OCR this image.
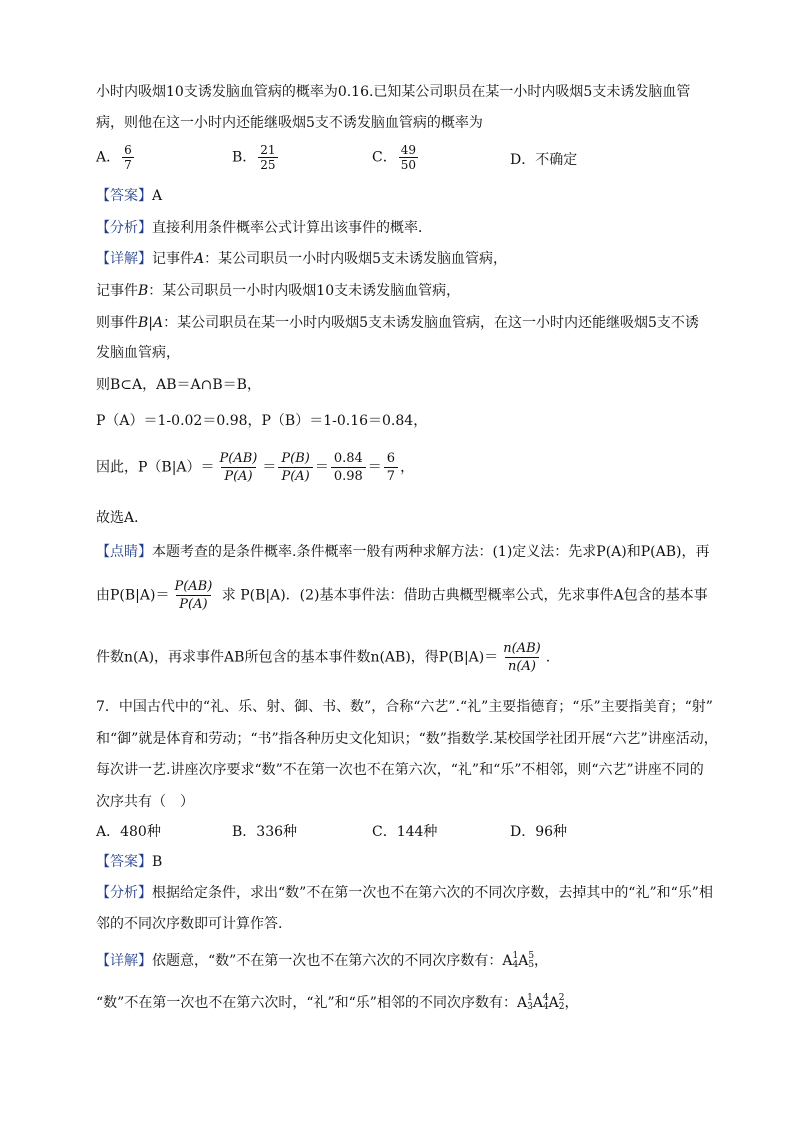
小时内吸烟10支诱发脑血管病的概率为0.16.已知某公司职员在某一小时内吸烟5支未诱发脑血管
病，则他在这一小时内还能继吸烟5支不诱发脑血管病的概率为
A． $\frac{6}{7}$	B． $\frac{21}{25}$	C． $\frac{49}{50}$	D．不确定
【答案】A
【分析】直接利用条件概率公式计算出该事件的概率．
【详解】记事件A：某公司职员一小时内吸烟5支未诱发脑血管病，
记事件B：某公司职员一小时内吸烟10支未诱发脑血管病，
则事件B|A：某公司职员在某一小时内吸烟5支未诱发脑血管病，在这一小时内还能继吸烟5支不诱
发脑血管病，
则B⊂A，AB＝A∩B＝B，
P（A）＝1-0.02＝0.98，P（B）＝1-0.16＝0.84，
因此，$P(B|A)= \frac{P(AB)}{P(A)} = \frac{P(B)}{P(A)} = \frac{0.84}{0.98} = \frac{6}{7}$ ，
故选A．
【点睛】本题考查的是条件概率.条件概率一般有两种求解方法：(1)定义法：先求P(A)和P(AB)，再
由$P(B|A)= \frac{P(AB)}{P(A)}$ 求 P(B|A)．(2)基本事件法：借助古典概型概率公式，先求事件A包含的基本事
件数n(A)，再求事件AB所包含的基本事件数n(AB)，得$P(B|A)= \frac{n(AB)}{n(A)}$ .
7．中国古代中的“礼、乐、射、御、书、数”，合称“六艺”.“礼”主要指德育；“乐”主要指美育；“射”
和“御”就是体育和劳动；“书”指各种历史文化知识；“数”指数学.某校国学社团开展“六艺”讲座活动，
每次讲一艺.讲座次序要求“数”不在第一次也不在第六次，“礼”和“乐”不相邻，则“六艺”讲座不同的
次序共有（　）
A．480种	B．336种	C．144种	D．96种
【答案】B
【分析】根据给定条件，求出“数”不在第一次也不在第六次的不同次序数，去掉其中的“礼”和“乐”相
邻的不同次序数即可计算作答.
【详解】依题意，“数”不在第一次也不在第六次的不同次序数有：A 1
4 A 5
5 ，
“数”不在第一次也不在第六次时，“礼”和“乐”相邻的不同次序数有：A 1
3 A 4
4 A 2
2 ，
